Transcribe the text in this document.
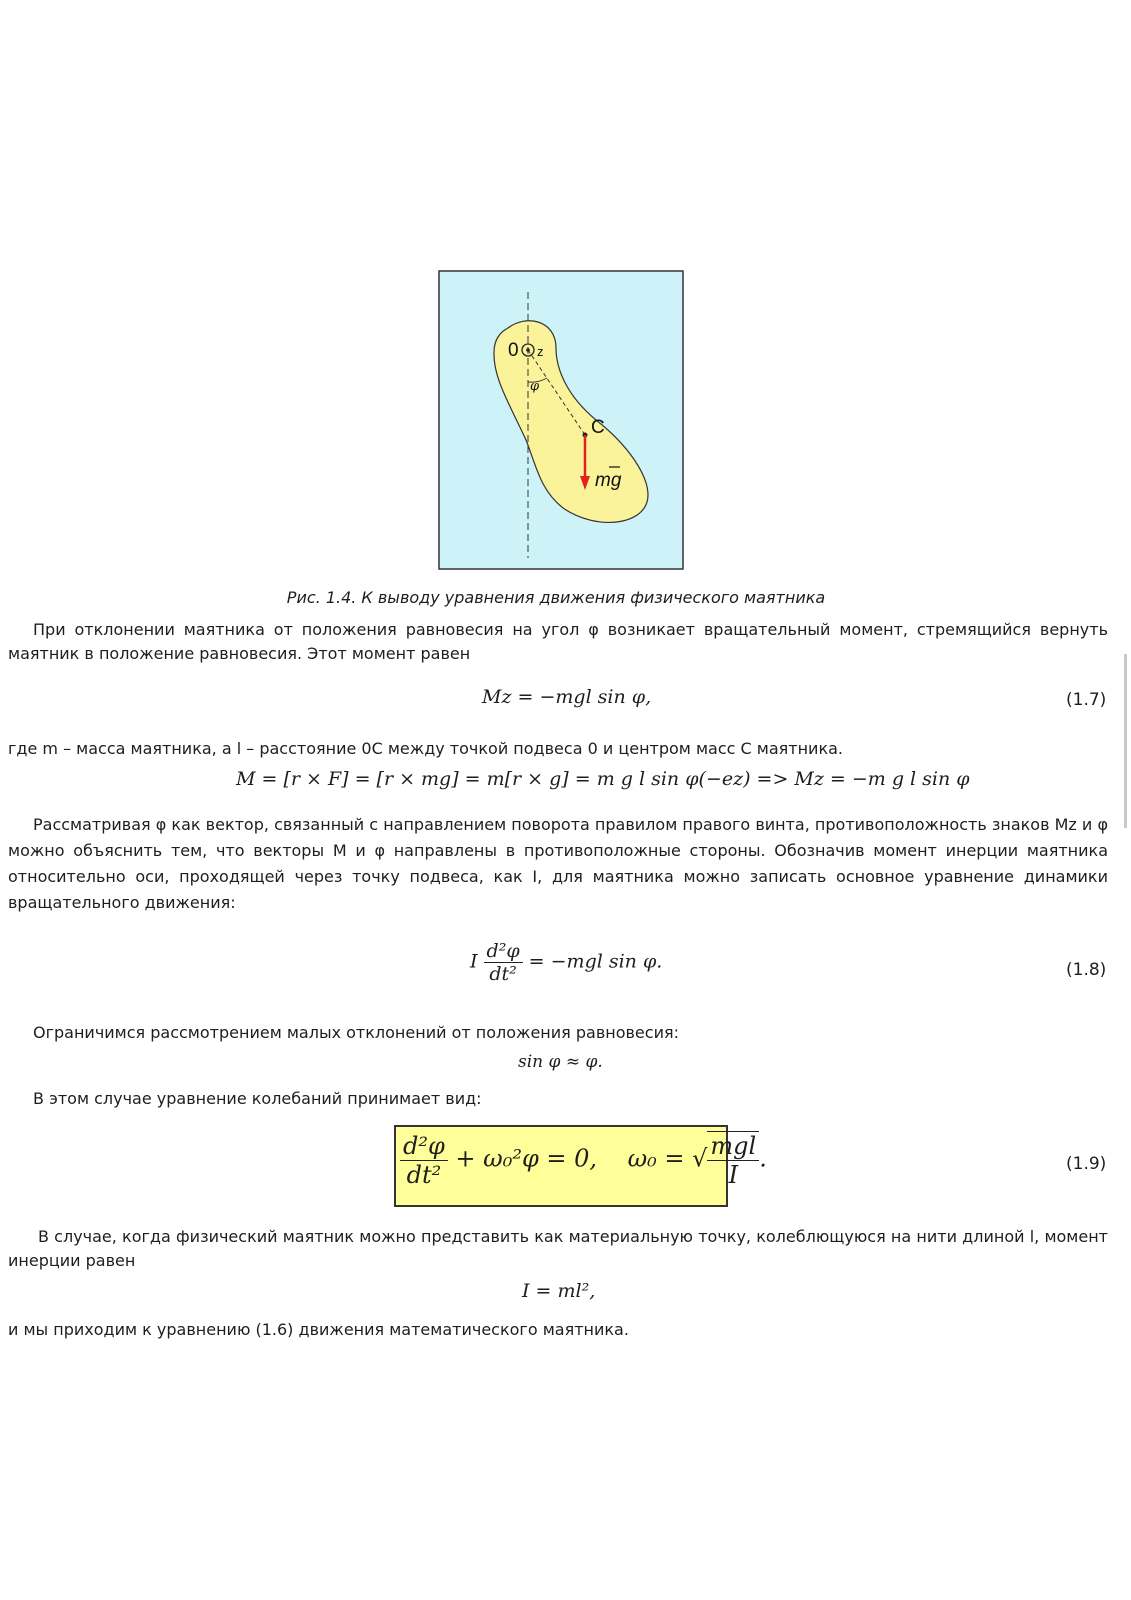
0 z
φ
C
mg
Рис. 1.4. К выводу уравнения движения физического маятника
При отклонении маятника от положения равновесия на угол φ возникает вращательный момент, стремящийся вернуть маятник в положение равновесия. Этот момент равен
Mz = −mgl sin φ,	(1.7)
где m – масса маятника, а l – расстояние 0C между точкой подвеса 0 и центром масс C маятника.
M = [r × F] = [r × mg] = m[r × g] = m g l sin φ(−ez) => Mz = −m g l sin φ
Рассматривая φ как вектор, связанный с направлением поворота правилом правого винта, противоположность знаков Mz и φ можно объяснить тем, что векторы M и φ направлены в противоположные стороны. Обозначив момент инерции маятника относительно оси, проходящей через точку подвеса, как I, для маятника можно записать основное уравнение динамики вращательного движения:
I $\frac{\text{d²φ}}{\text{dt²}} = -mgl$ sin φ.	(1.8)
Ограничимся рассмотрением малых отклонений от положения равновесия:
sin φ ≈ φ.
В этом случае уравнение колебаний принимает вид:
$\frac{\text{d²φ}}{\text{dt²}} + \omega_0^2\varphi = 0$,    ω₀ = √ $\frac{\text{mgl}}{I}$ .	(1.9)
В случае, когда физический маятник можно представить как материальную точку, колеблющуюся на нити длиной l, момент инерции равен
I = ml²,
и мы приходим к уравнению (1.6) движения математического маятника.
